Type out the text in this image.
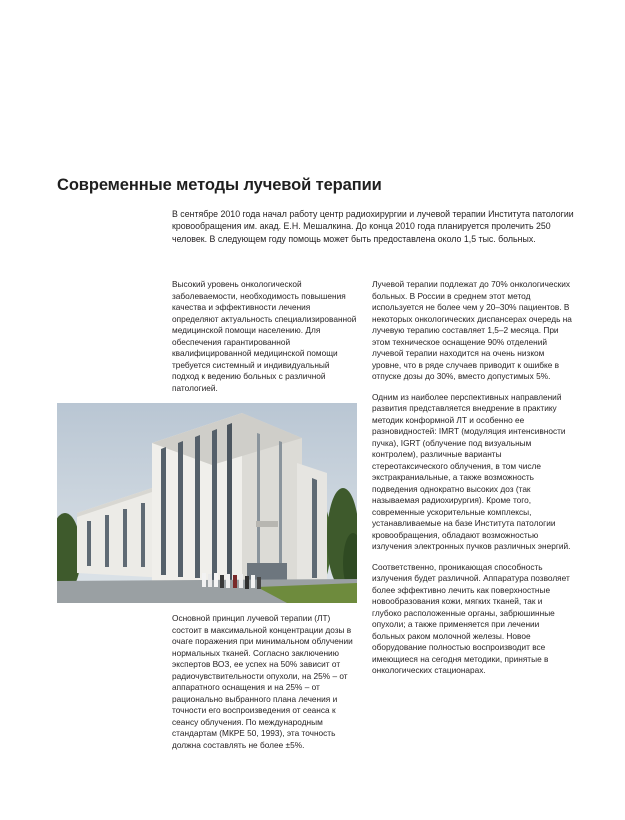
Современные методы лучевой терапии

В сентябре 2010 года начал работу центр радиохирургии и лучевой терапии Института патологии кровообращения им. акад. Е.Н. Мешалкина. До конца 2010 года планируется пролечить 250 человек. В следующем году помощь может быть предоставлена около 1,5 тыс. больных.

Высокий уровень онкологической заболеваемости, необходимость повышения качества и эффективности лечения определяют актуальность специализированной медицинской помощи населению. Для обеспечения гарантированной квалифицированной медицинской помощи требуется системный и индивидуальный подход к ведению больных с различной патологией.

Основной принцип лучевой терапии (ЛТ) состоит в максимальной концентрации дозы в очаге поражения при минимальном облучении нормальных тканей. Согласно заключению экспертов ВОЗ, ее успех на 50% зависит от радиочувствительности опухоли, на 25% – от аппаратного оснащения и на 25% – от рационально выбранного плана лечения и точности его воспроизведения от сеанса к сеансу облучения. По международным стандартам (МКРЕ 50, 1993), эта точность должна составлять не более ±5%.

Лучевой терапии подлежат до 70% онкологических больных. В России в среднем этот метод используется не более чем у 20–30% пациентов. В некоторых онкологических диспансерах очередь на лучевую терапию составляет 1,5–2 месяца. При этом техническое оснащение 90% отделений лучевой терапии находится на очень низком уровне, что в ряде случаев приводит к ошибке в отпуске дозы до 30%, вместо допустимых 5%.

Одним из наиболее перспективных направлений развития представляется внедрение в практику методик конформной ЛТ и особенно ее разновидностей: IMRT (модуляция интенсивности пучка), IGRT (облучение под визуальным контролем), различные варианты стереотаксического облучения, в том числе экстракраниальные, а также возможность подведения однократно высоких доз (так называемая радиохирургия). Кроме того, современные ускорительные комплексы, устанавливаемые на базе Института патологии кровообращения, обладают возможностью излучения электронных пучков различных энергий.

Соответственно, проникающая способность излучения будет различной. Аппаратура позволяет более эффективно лечить как поверхностные новообразования кожи, мягких тканей, так и глубоко расположенные органы, забрюшинные опухоли; а также применяется при лечении больных раком молочной железы. Новое оборудование полностью воспроизводит все имеющиеся на сегодня методики, принятые в онкологических стационарах.
